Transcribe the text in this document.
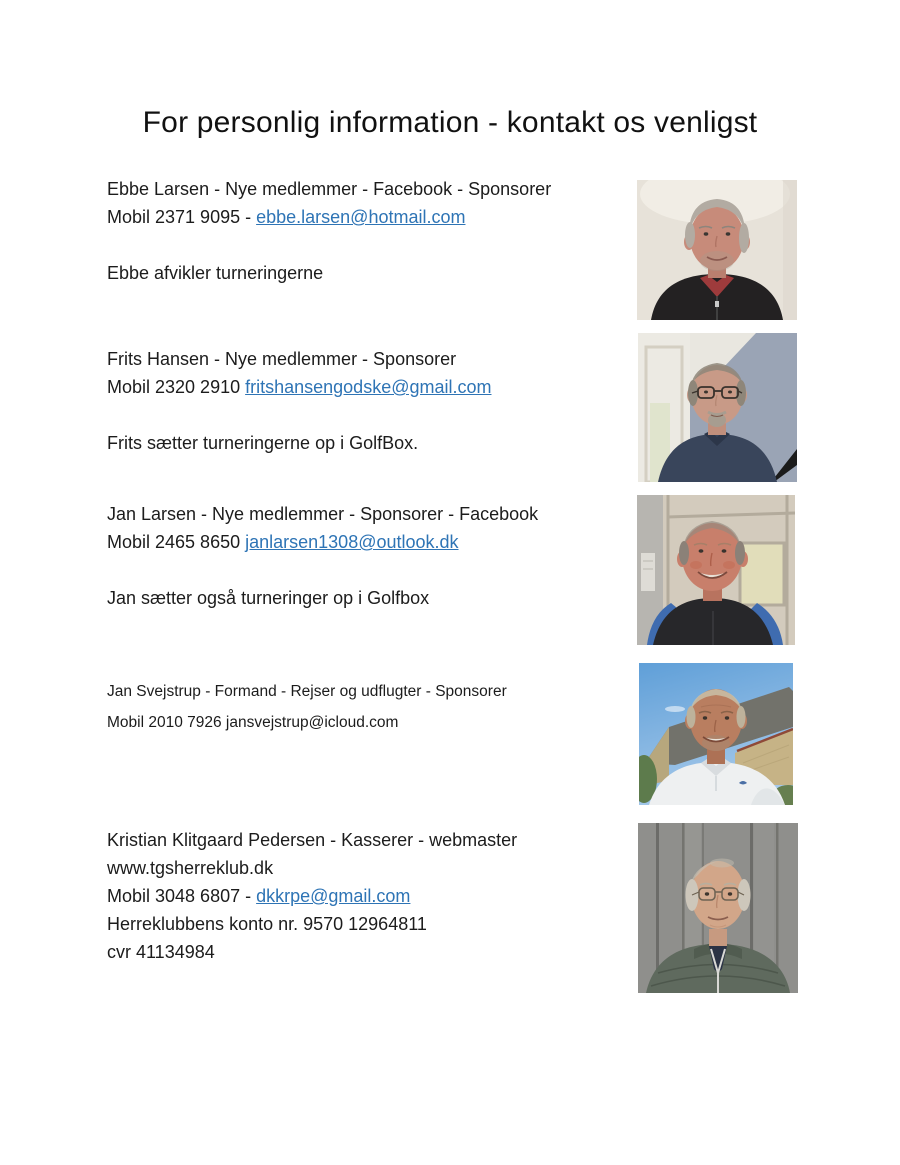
For personlig information - kontakt os venligst

Ebbe Larsen - Nye medlemmer - Facebook - Sponsorer

Mobil 2371 9095 - ebbe.larsen@hotmail.com

Ebbe afvikler turneringerne

Frits Hansen - Nye medlemmer - Sponsorer

Mobil 2320 2910 fritshansengodske@gmail.com

Frits sætter turneringerne op i GolfBox.

Jan Larsen - Nye medlemmer - Sponsorer - Facebook

Mobil 2465 8650 janlarsen1308@outlook.dk

Jan sætter også turneringer op i Golfbox

Jan Svejstrup - Formand - Rejser og udflugter - Sponsorer

Mobil 2010 7926 jansvejstrup@icloud.com

Kristian Klitgaard Pedersen - Kasserer - webmaster

www.tgsherreklub.dk

Mobil 3048 6807 - dkkrpe@gmail.com

Herreklubbens konto nr. 9570 12964811

cvr 41134984
